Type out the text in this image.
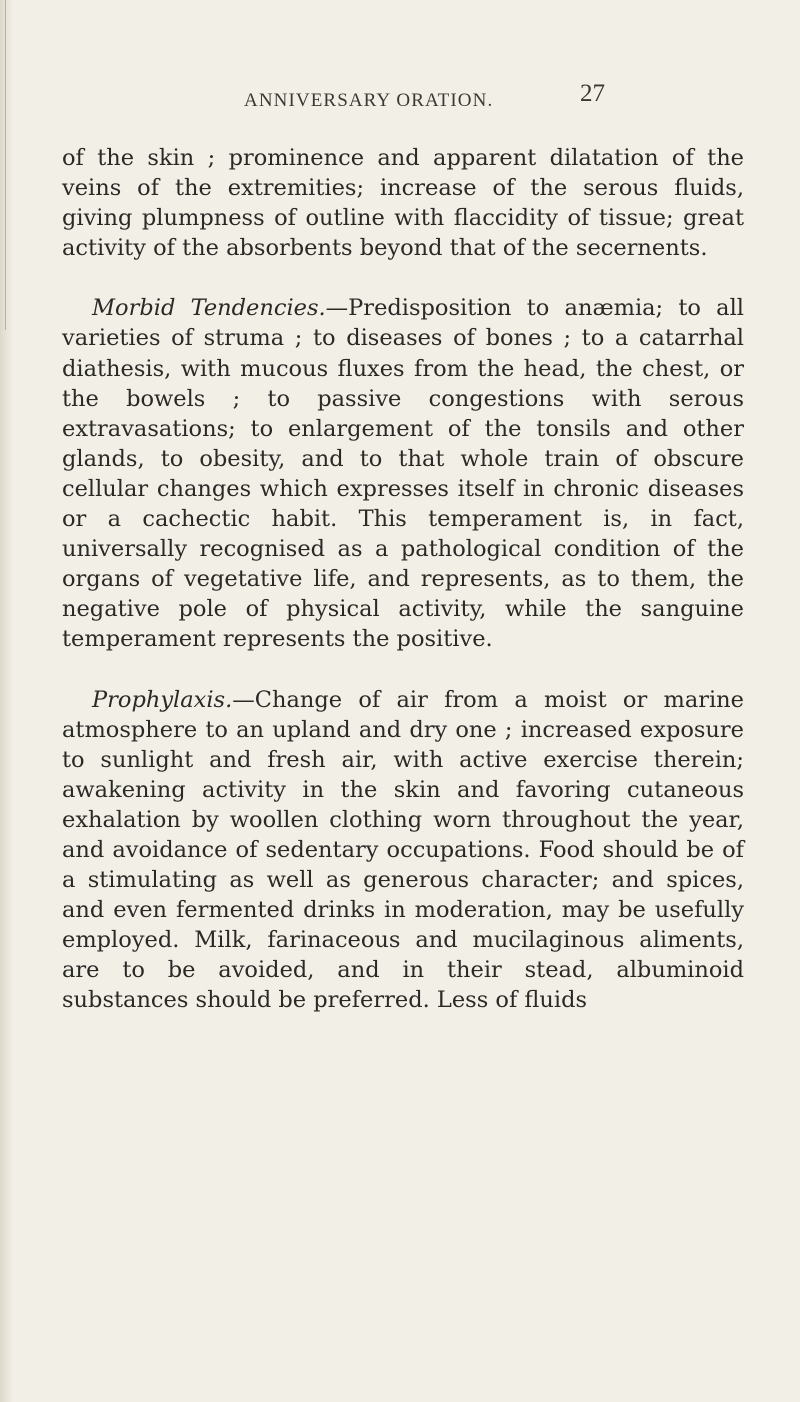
ANNIVERSARY ORATION.	27

of the skin ; prominence and apparent dilatation of the veins of the extremities; increase of the serous fluids, giving plumpness of outline with flaccidity of tissue; great activity of the absorbents beyond that of the secernents.

Morbid Tendencies.—Predisposition to anæmia; to all varieties of struma ; to diseases of bones ; to a catarrhal diathesis, with mucous fluxes from the head, the chest, or the bowels ; to passive congestions with serous extravasations; to enlargement of the tonsils and other glands, to obesity, and to that whole train of obscure cellular changes which expresses itself in chronic diseases or a cachectic habit. This temperament is, in fact, universally recognised as a pathological condition of the organs of vegetative life, and represents, as to them, the negative pole of physical activity, while the sanguine temperament represents the positive.

Prophylaxis.—Change of air from a moist or marine atmosphere to an upland and dry one ; increased exposure to sunlight and fresh air, with active exercise therein; awakening activity in the skin and favoring cutaneous exhalation by woollen clothing worn throughout the year, and avoidance of sedentary occupations. Food should be of a stimulating as well as generous character; and spices, and even fermented drinks in moderation, may be usefully employed. Milk, farinaceous and mucilaginous aliments, are to be avoided, and in their stead, albuminoid substances should be preferred. Less of fluids
